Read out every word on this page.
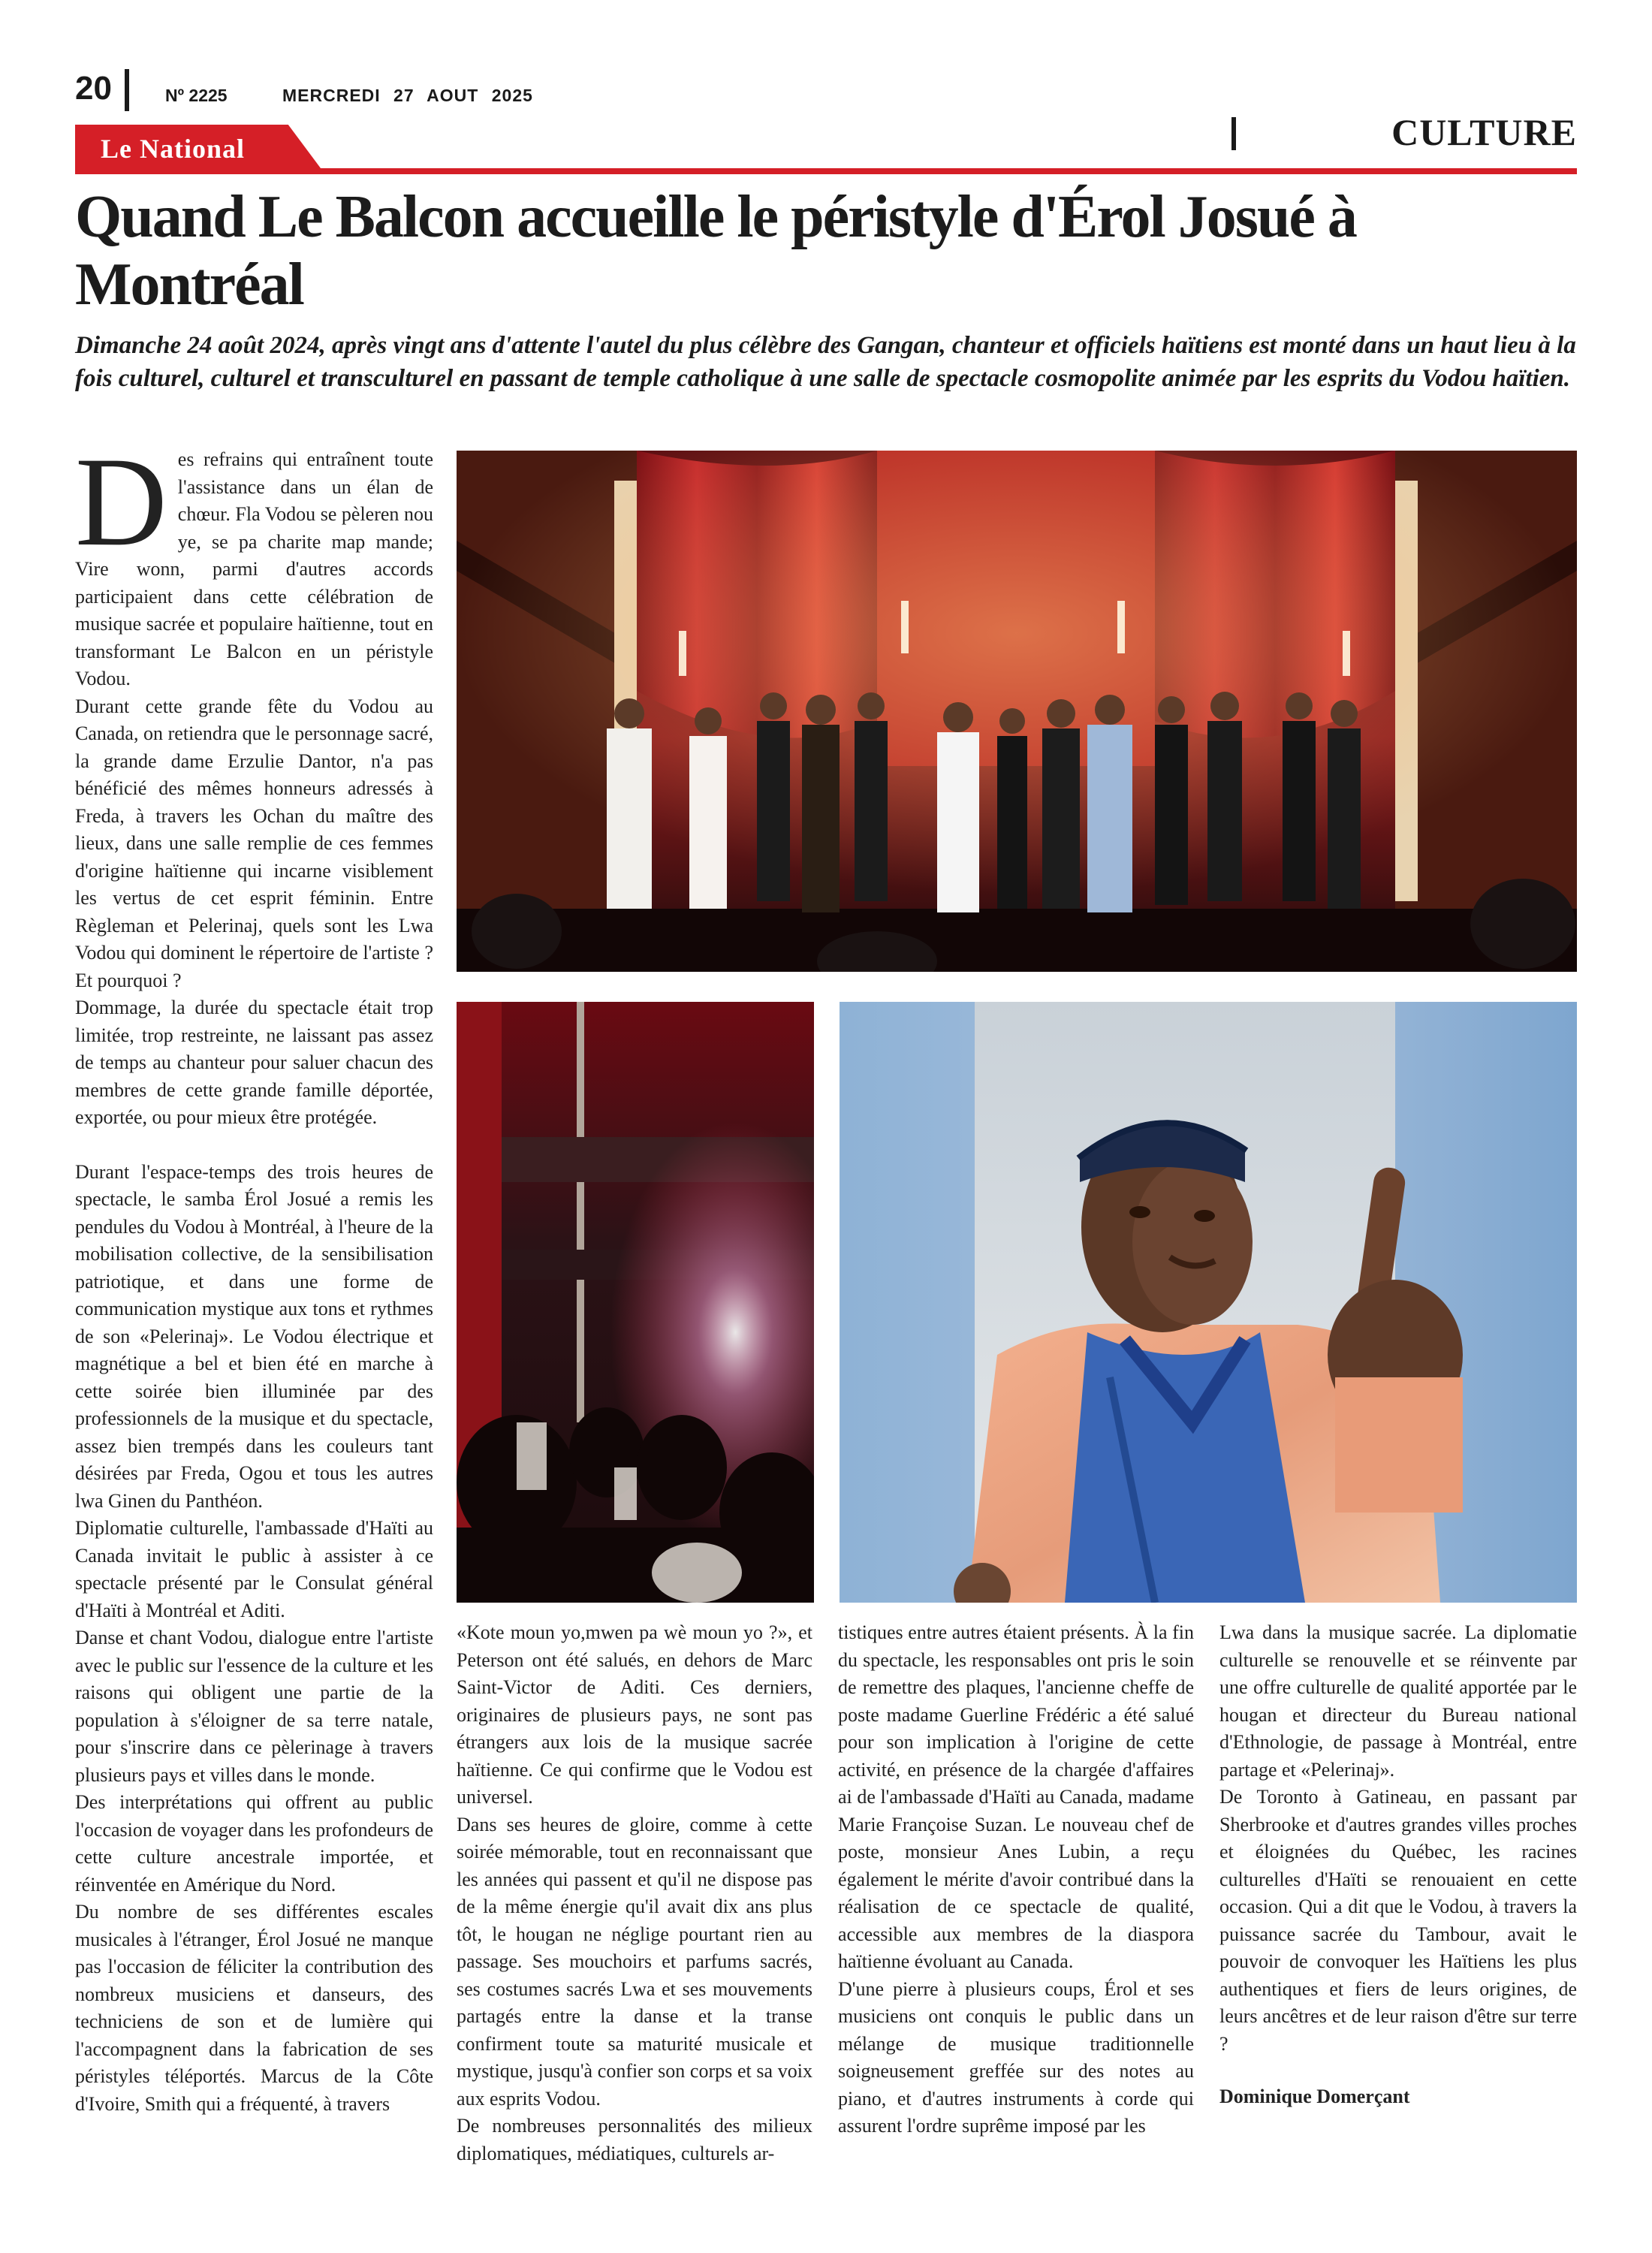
20	Nº 2225	MERCREDI 27 AOUT 2025
CULTURE
Le National
Quand Le Balcon accueille le péristyle d'Érol Josué à Montréal

Dimanche 24 août 2024, après vingt ans d'attente l'autel du plus célèbre des Gangan, chanteur et officiels haïtiens est monté dans un haut lieu à la fois culturel, culturel et transculturel en passant de temple catholique à une salle de spectacle cosmopolite animée par les esprits du Vodou haïtien.

Des refrains qui entraînent toute l'assistance dans un élan de chœur. Fla Vodou se pèleren nou ye, se pa charite map mande; Vire wonn, parmi d'autres accords participaient dans cette célébration de musique sacrée et populaire haïtienne, tout en transformant Le Balcon en un péristyle Vodou.

Durant cette grande fête du Vodou au Canada, on retiendra que le personnage sacré, la grande dame Erzulie Dantor, n'a pas bénéficié des mêmes honneurs adressés à Freda, à travers les Ochan du maître des lieux, dans une salle remplie de ces femmes d'origine haïtienne qui incarne visiblement les vertus de cet esprit féminin. Entre Règleman et Pelerinaj, quels sont les Lwa Vodou qui dominent le répertoire de l'artiste ? Et pourquoi ?

Dommage, la durée du spectacle était trop limitée, trop restreinte, ne laissant pas assez de temps au chanteur pour saluer chacun des membres de cette grande famille déportée, exportée, ou pour mieux être protégée.

Durant l'espace-temps des trois heures de spectacle, le samba Érol Josué a remis les pendules du Vodou à Montréal, à l'heure de la mobilisation collective, de la sensibilisation patriotique, et dans une forme de communication mystique aux tons et rythmes de son «Pelerinaj». Le Vodou électrique et magnétique a bel et bien été en marche à cette soirée bien illuminée par des professionnels de la musique et du spectacle, assez bien trempés dans les couleurs tant désirées par Freda, Ogou et tous les autres lwa Ginen du Panthéon.

Diplomatie culturelle, l'ambassade d'Haïti au Canada invitait le public à assister à ce spectacle présenté par le Consulat général d'Haïti à Montréal et Aditi.

Danse et chant Vodou, dialogue entre l'artiste avec le public sur l'essence de la culture et les raisons qui obligent une partie de la population à s'éloigner de sa terre natale, pour s'inscrire dans ce pèlerinage à travers plusieurs pays et villes dans le monde.

Des interprétations qui offrent au public l'occasion de voyager dans les profondeurs de cette culture ancestrale importée, et réinventée en Amérique du Nord.

Du nombre de ses différentes escales musicales à l'étranger, Érol Josué ne manque pas l'occasion de féliciter la contribution des nombreux musiciens et danseurs, des techniciens de son et de lumière qui l'accompagnent dans la fabrication de ses péristyles téléportés. Marcus de la Côte d'Ivoire, Smith qui a fréquenté, à travers

«Kote moun yo,mwen pa wè moun yo ?», et Peterson ont été salués, en dehors de Marc Saint-Victor de Aditi. Ces derniers, originaires de plusieurs pays, ne sont pas étrangers aux lois de la musique sacrée haïtienne. Ce qui confirme que le Vodou est universel.

Dans ses heures de gloire, comme à cette soirée mémorable, tout en reconnaissant que les années qui passent et qu'il ne dispose pas de la même énergie qu'il avait dix ans plus tôt, le hougan ne néglige pourtant rien au passage. Ses mouchoirs et parfums sacrés, ses costumes sacrés Lwa et ses mouvements partagés entre la danse et la transe confirment toute sa maturité musicale et mystique, jusqu'à confier son corps et sa voix aux esprits Vodou.

De nombreuses personnalités des milieux diplomatiques, médiatiques, culturels ar-

tistiques entre autres étaient présents. À la fin du spectacle, les responsables ont pris le soin de remettre des plaques, l'ancienne cheffe de poste madame Guerline Frédéric a été salué pour son implication à l'origine de cette activité, en présence de la chargée d'affaires ai de l'ambassade d'Haïti au Canada, madame Marie Françoise Suzan. Le nouveau chef de poste, monsieur Anes Lubin, a reçu également le mérite d'avoir contribué dans la réalisation de ce spectacle de qualité, accessible aux membres de la diaspora haïtienne évoluant au Canada.

D'une pierre à plusieurs coups, Érol et ses musiciens ont conquis le public dans un mélange de musique traditionnelle soigneusement greffée sur des notes au piano, et d'autres instruments à corde qui assurent l'ordre suprême imposé par les

Lwa dans la musique sacrée. La diplomatie culturelle se renouvelle et se réinvente par une offre culturelle de qualité apportée par le hougan et directeur du Bureau national d'Ethnologie, de passage à Montréal, entre partage et «Pelerinaj».

De Toronto à Gatineau, en passant par Sherbrooke et d'autres grandes villes proches et éloignées du Québec, les racines culturelles d'Haïti se renouaient en cette occasion. Qui a dit que le Vodou, à travers la puissance sacrée du Tambour, avait le pouvoir de convoquer les Haïtiens les plus authentiques et fiers de leurs origines, de leurs ancêtres et de leur raison d'être sur terre ?

Dominique Domerçant
